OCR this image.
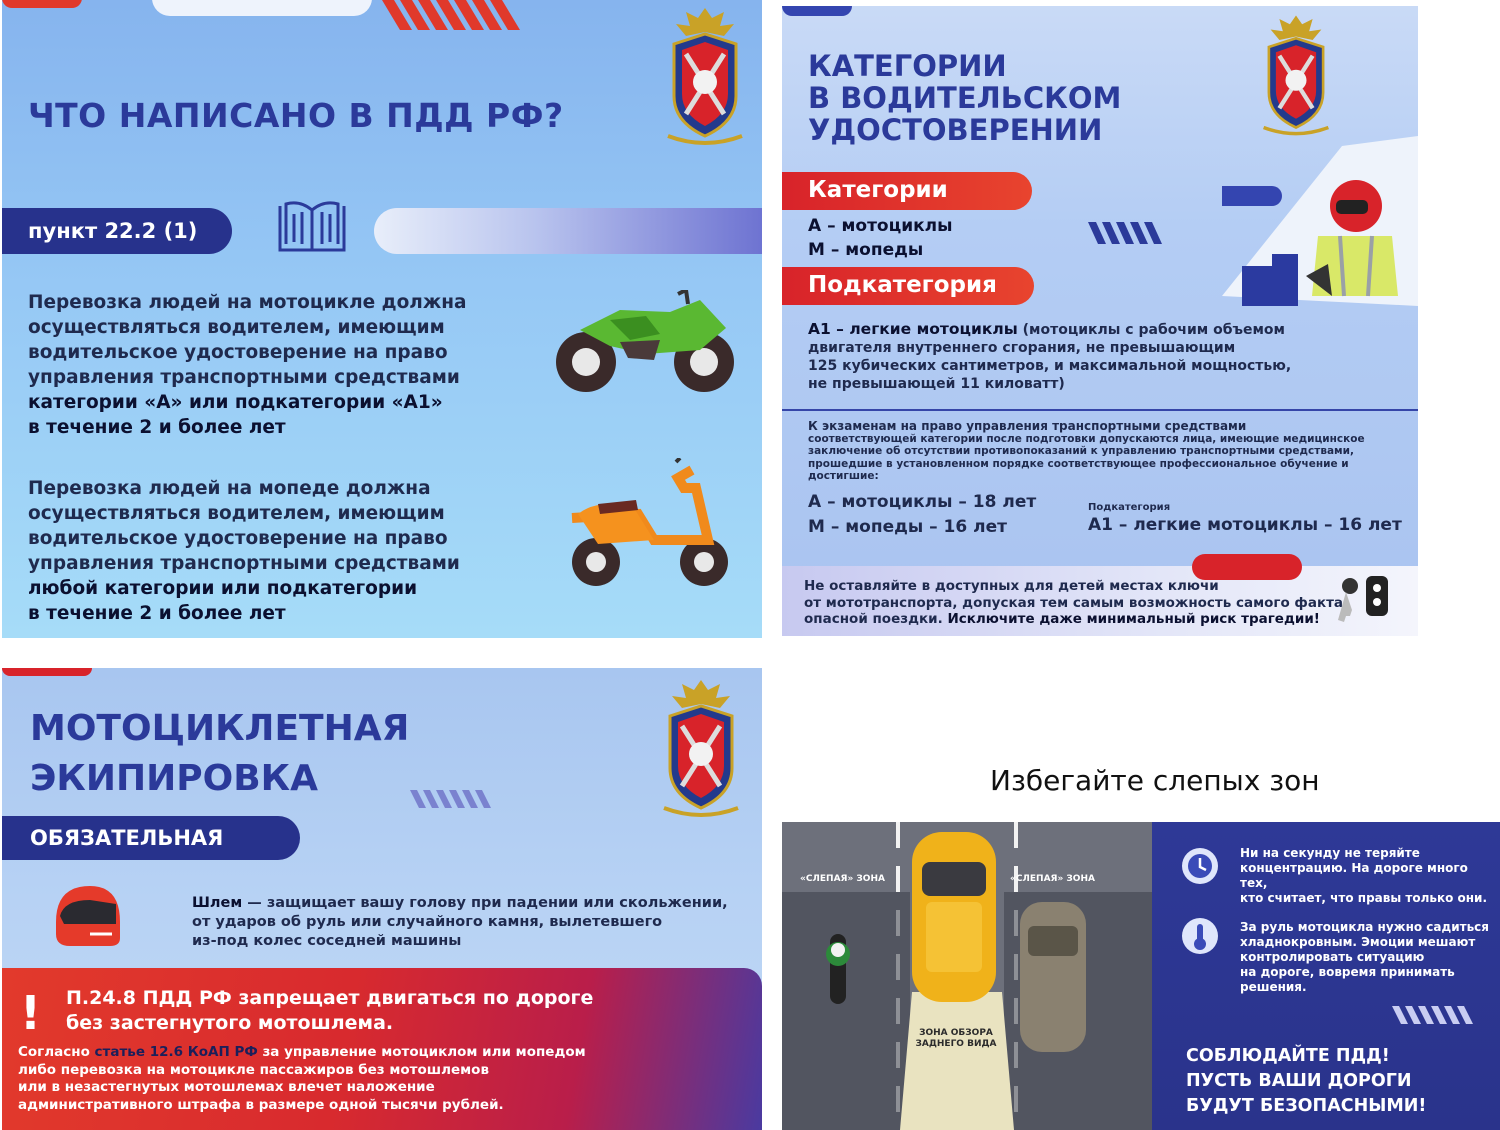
ЧТО НАПИСАНО В ПДД РФ?
пункт 22.2 (1)
Перевозка людей на мотоцикле должна
осуществляться водителем, имеющим
водительское удостоверение на право
управления транспортными средствами
категории «А» или подкатегории «А1»
в течение 2 и более лет
Перевозка людей на мопеде должна
осуществляться водителем, имеющим
водительское удостоверение на право
управления транспортными средствами
любой категории или подкатегории
в течение 2 и более лет
КАТЕГОРИИ
В ВОДИТЕЛЬСКОМ
УДОСТОВЕРЕНИИ
Категории
А – мотоциклы
М – мопеды
Подкатегория
А1 – легкие мотоциклы (мотоциклы с рабочим объемом
двигателя внутреннего сгорания, не превышающим
125 кубических сантиметров, и максимальной мощностью,
не превышающей 11 киловатт)
К экзаменам на право управления транспортными средствами
соответствующей категории после подготовки допускаются лица, имеющие медицинское
заключение об отсутствии противопоказаний к управлению транспортными средствами,
прошедшие в установленном порядке соответствующее профессиональное обучение и достигшие:
А – мотоциклы – 18 лет
М – мопеды – 16 лет
Подкатегория
А1 – легкие мотоциклы – 16 лет
Не оставляйте в доступных для детей местах ключи
от мототранспорта, допуская тем самым возможность самого факта
опасной поездки. Исключите даже минимальный риск трагедии!
МОТОЦИКЛЕТНАЯ
ЭКИПИРОВКА
ОБЯЗАТЕЛЬНАЯ
Шлем — защищает вашу голову при падении или скольжении,
от ударов об руль или случайного камня, вылетевшего
из-под колес соседней машины
! П.24.8 ПДД РФ запрещает двигаться по дороге
без застегнутого мотошлема.
Согласно статье 12.6 КоАП РФ за управление мотоциклом или мопедом
либо перевозка на мотоцикле пассажиров без мотошлемов
или в незастегнутых мотошлемах влечет наложение
административного штрафа в размере одной тысячи рублей.
Избегайте слепых зон
«СЛЕПАЯ» ЗОНА	«СЛЕПАЯ» ЗОНА
ЗОНА ОБЗОРА
ЗАДНЕГО ВИДА
Ни на секунду не теряйте
концентрацию. На дороге много тех,
кто считает, что правы только они.
За руль мотоцикла нужно садиться
хладнокровным. Эмоции мешают
контролировать ситуацию
на дороге, вовремя принимать
решения.
СОБЛЮДАЙТЕ ПДД!
ПУСТЬ ВАШИ ДОРОГИ
БУДУТ БЕЗОПАСНЫМИ!
